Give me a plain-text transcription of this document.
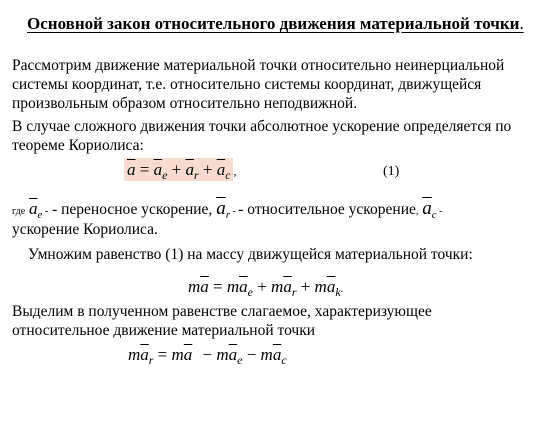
Основной закон относительного движения материальной точки.
Рассмотрим движение материальной точки относительно неинерциальной
системы координат, т.е. относительно системы координат, движущейся
произвольным образом относительно неподвижной.
В случае сложного движения точки абсолютное ускорение определяется по
теореме Кориолиса:
$\overline{a} = \overline{a}_e + \overline{a}_r + \overline{a}_c$ ,	(1)
где $\overline{a}_e$ - - переносное ускорение, $\overline{a}_r$ - - относительное ускорение, $\overline{a}_c$ -
ускорение Кориолиса.
Умножим равенство (1) на массу движущейся материальной точки:
$m\overline{a} = m\overline{a}_e + m\overline{a}_r + m\overline{a}_k$.
Выделим в полученном равенстве слагаемое, характеризующее
относительное движение материальной точки
$m\overline{a}_r = m\overline{a} - m\overline{a}_e - m\overline{a}_c$
